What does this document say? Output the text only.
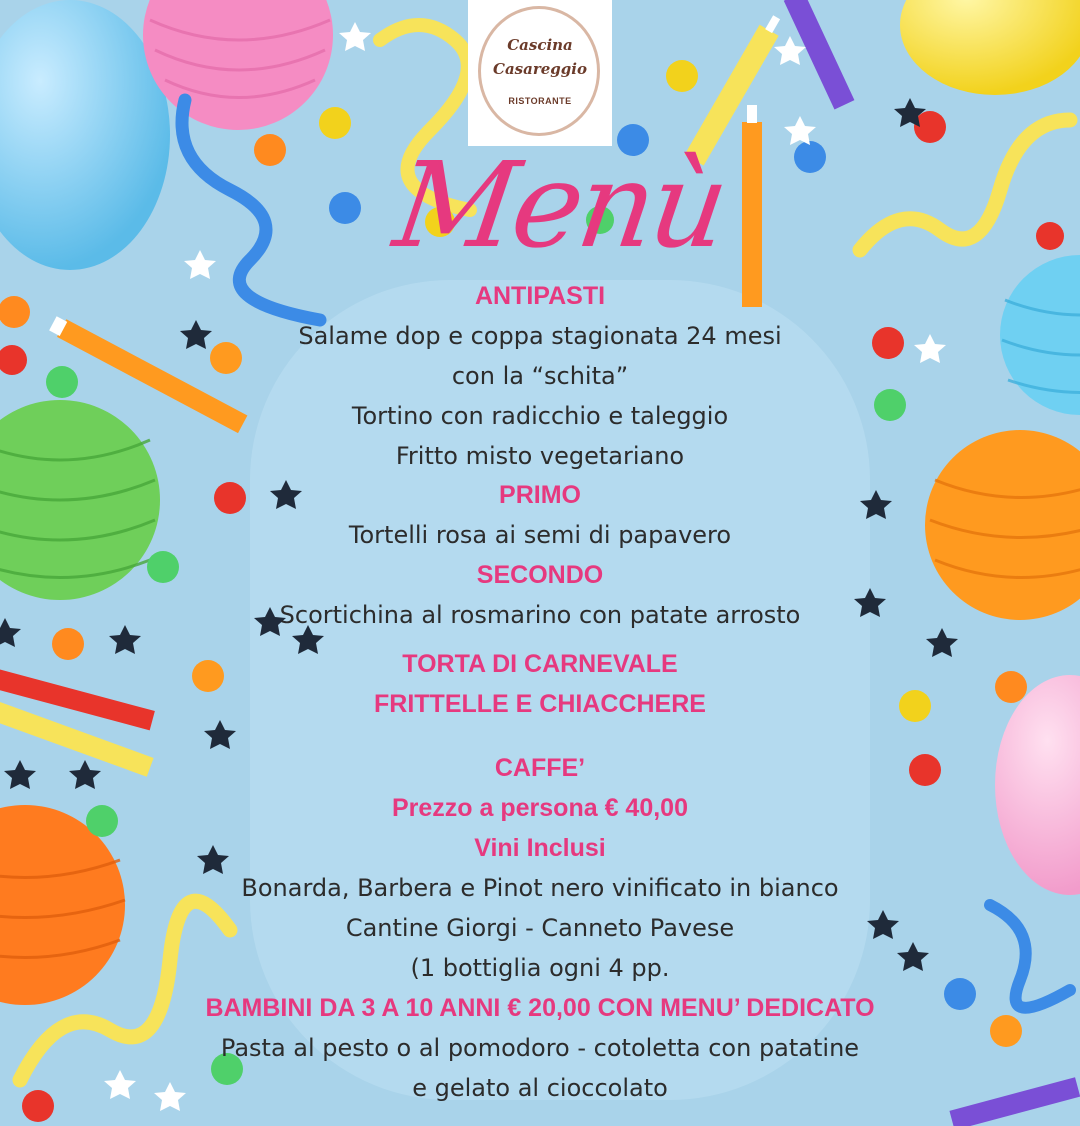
Cascina
Casareggio
RISTORANTE
Menù
ANTIPASTI
Salame dop e coppa stagionata 24 mesi
con la “schita”
Tortino con radicchio e taleggio
Fritto misto vegetariano
PRIMO
Tortelli rosa ai semi di papavero
SECONDO
Scortichina al rosmarino con patate arrosto
TORTA DI CARNEVALE
FRITTELLE E CHIACCHERE
CAFFE’
Prezzo a persona € 40,00
Vini Inclusi
Bonarda, Barbera e Pinot nero vinificato in bianco
Cantine Giorgi - Canneto Pavese
(1 bottiglia ogni 4 pp.
BAMBINI DA 3 A 10 ANNI € 20,00 CON MENU’ DEDICATO
Pasta al pesto o al pomodoro - cotoletta con patatine
e gelato al cioccolato
